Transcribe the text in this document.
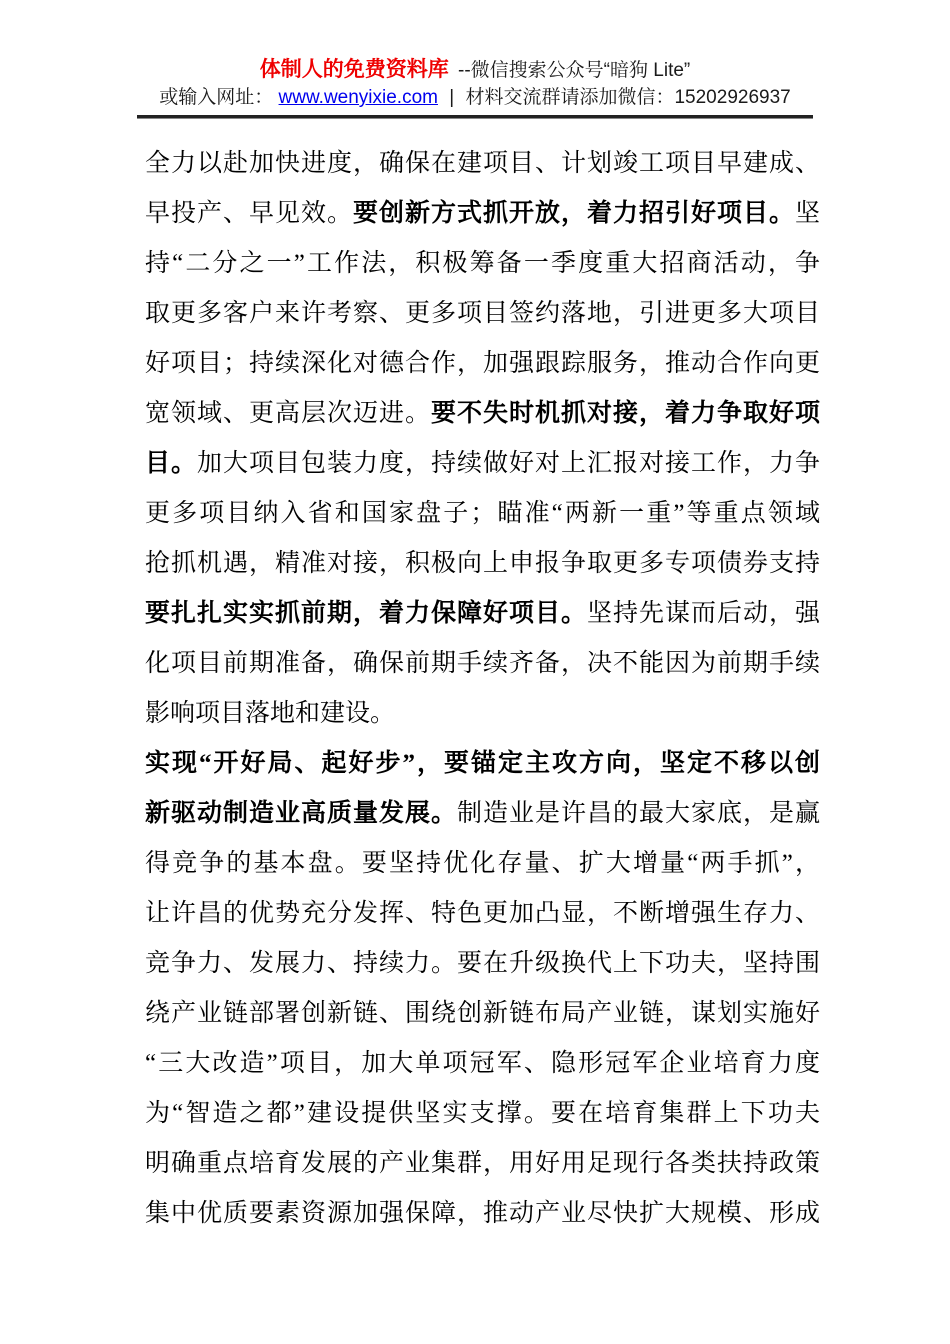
体制人的免费资料库 --微信搜索公众号“暗狗 Lite”
或输入网址： www.wenyixie.com | 材料交流群请添加微信：15202926937
全力以赴加快进度，确保在建项目、计划竣工项目早建成、
早投产、早见效。要创新方式抓开放，着力招引好项目。坚
持“二分之一”工作法，积极筹备一季度重大招商活动，争
取更多客户来许考察、更多项目签约落地，引进更多大项目
好项目；持续深化对德合作，加强跟踪服务，推动合作向更
宽领域、更高层次迈进。要不失时机抓对接，着力争取好项
目。加大项目包装力度，持续做好对上汇报对接工作，力争
更多项目纳入省和国家盘子；瞄准“两新一重”等重点领域
抢抓机遇，精准对接，积极向上申报争取更多专项债券支持
要扎扎实实抓前期，着力保障好项目。坚持先谋而后动，强
化项目前期准备，确保前期手续齐备，决不能因为前期手续
影响项目落地和建设。
实现“开好局、起好步”，要锚定主攻方向，坚定不移以创
新驱动制造业高质量发展。制造业是许昌的最大家底，是赢
得竞争的基本盘。要坚持优化存量、扩大增量“两手抓”，
让许昌的优势充分发挥、特色更加凸显，不断增强生存力、
竞争力、发展力、持续力。要在升级换代上下功夫，坚持围
绕产业链部署创新链、围绕创新链布局产业链，谋划实施好
“三大改造”项目，加大单项冠军、隐形冠军企业培育力度
为“智造之都”建设提供坚实支撑。要在培育集群上下功夫
明确重点培育发展的产业集群，用好用足现行各类扶持政策
集中优质要素资源加强保障，推动产业尽快扩大规模、形成
